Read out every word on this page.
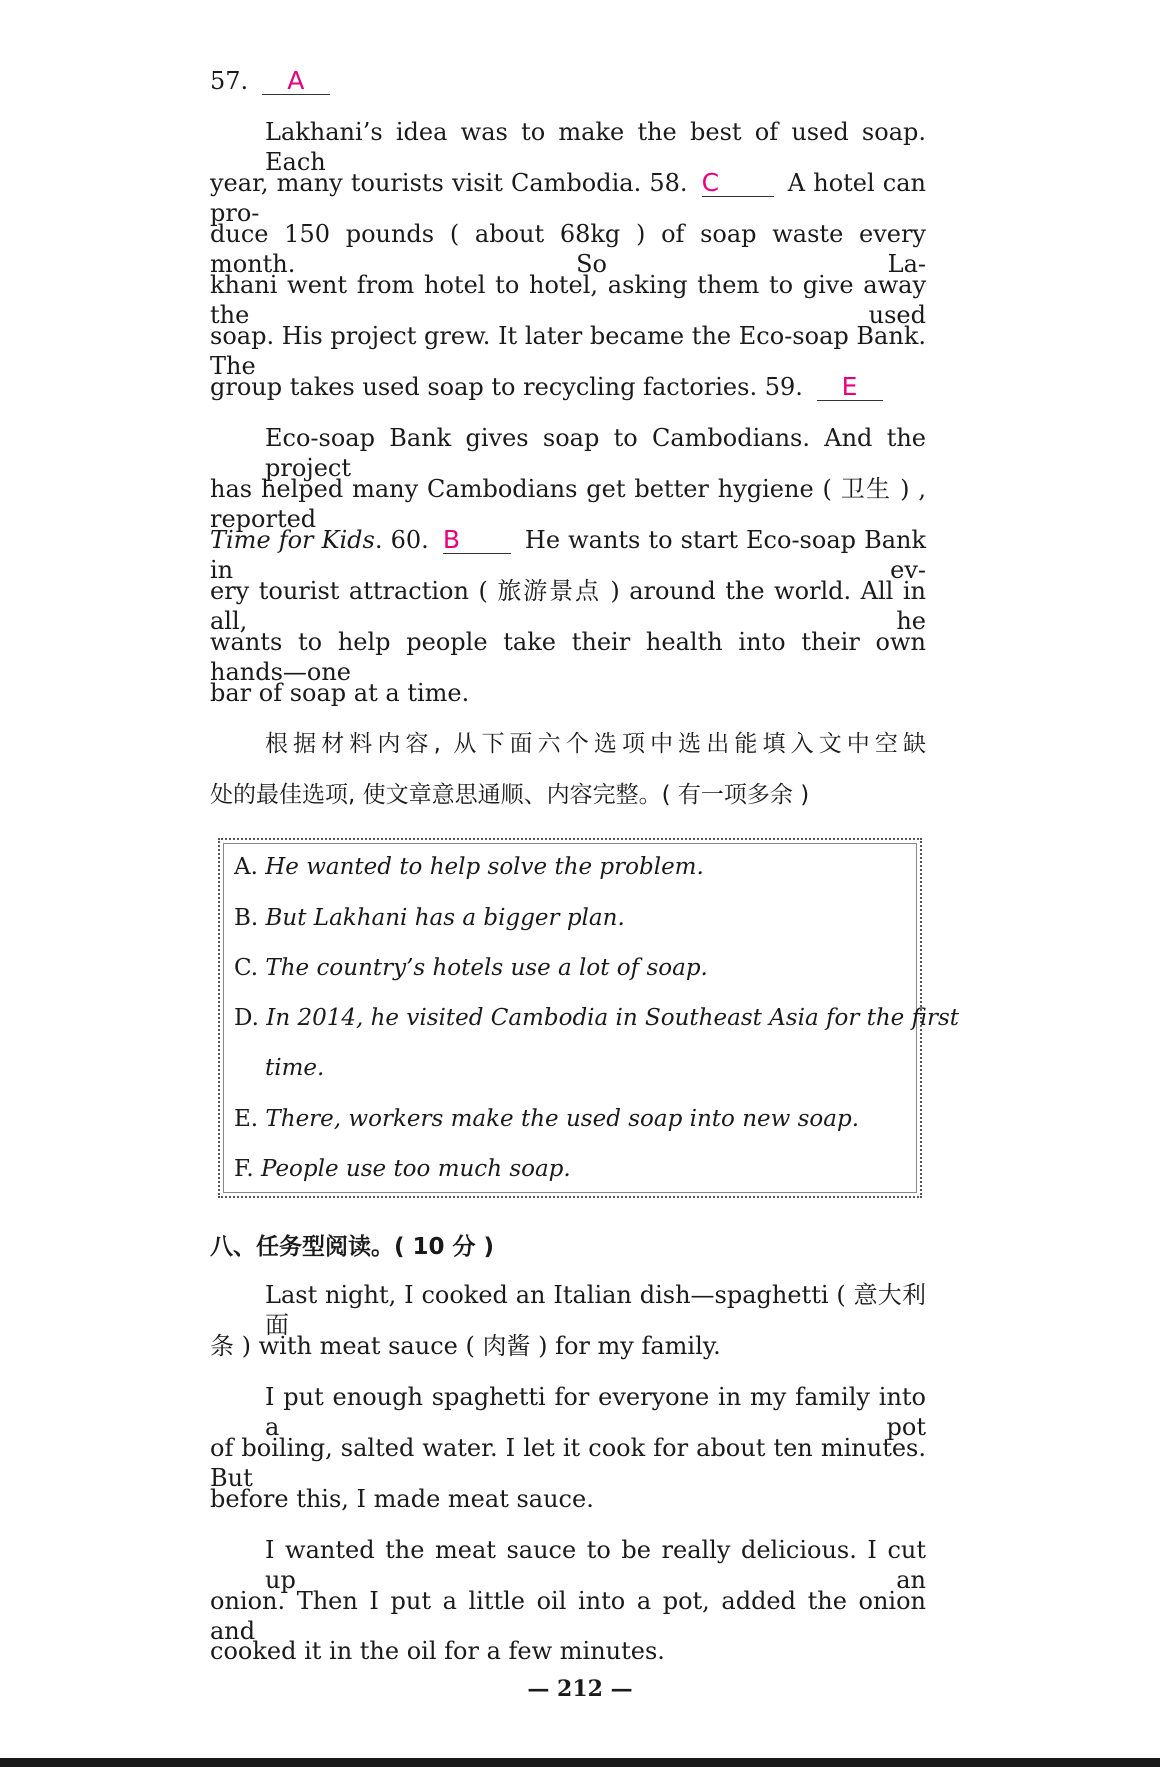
57. A
Lakhani’s idea was to make the best of used soap. Each
year, many tourists visit Cambodia. 58. C	A hotel can pro-
duce 150 pounds ( about 68kg ) of soap waste every month. So La-
khani went from hotel to hotel, asking them to give away the used
soap. His project grew. It later became the Eco-soap Bank. The
group takes used soap to recycling factories. 59. E
Eco-soap Bank gives soap to Cambodians. And the project
has helped many Cambodians get better hygiene ( 卫生 ) , reported
Time for Kids. 60. B	He wants to start Eco-soap Bank in ev-
ery tourist attraction ( 旅游景点 ) around the world. All in all, he
wants to help people take their health into their own hands—one
bar of soap at a time.
根据材料内容, 从下面六个选项中选出能填入文中空缺
处的最佳选项, 使文章意思通顺、内容完整。( 有一项多余 )
A. He wanted to help solve the problem.
B. But Lakhani has a bigger plan.
C. The country’s hotels use a lot of soap.
D. In 2014, he visited Cambodia in Southeast Asia for the first
time.
E. There, workers make the used soap into new soap.
F. People use too much soap.
八、任务型阅读。( 10 分 )
Last night, I cooked an Italian dish—spaghetti ( 意大利面
条 ) with meat sauce ( 肉酱 ) for my family.
I put enough spaghetti for everyone in my family into a pot
of boiling, salted water. I let it cook for about ten minutes. But
before this, I made meat sauce.
I wanted the meat sauce to be really delicious. I cut up an
onion. Then I put a little oil into a pot, added the onion and
cooked it in the oil for a few minutes.
— 212 —
